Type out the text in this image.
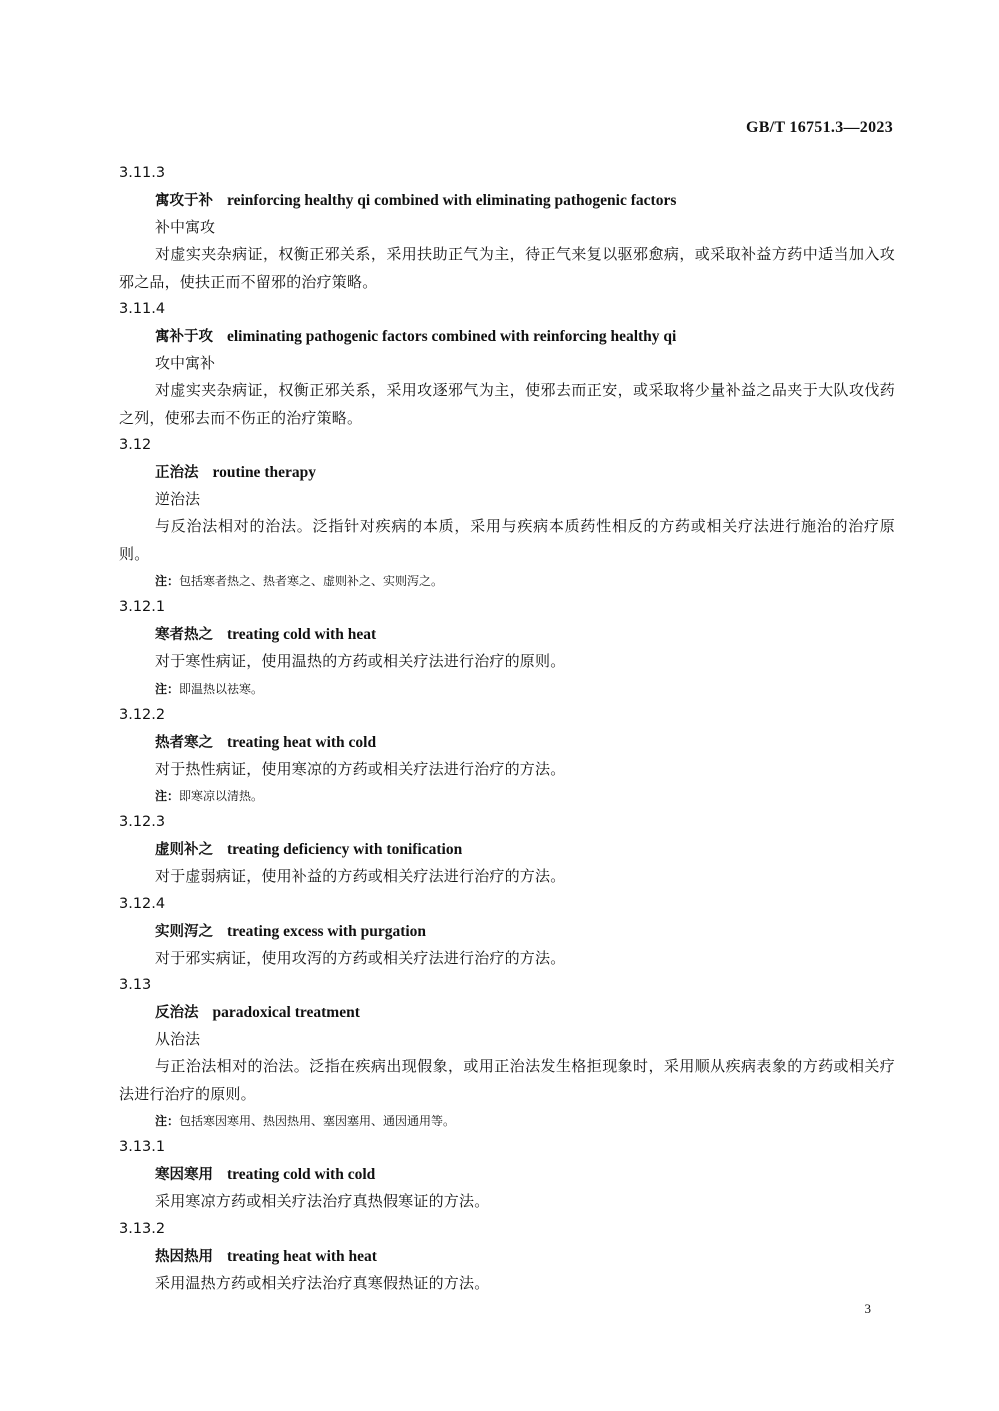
GB/T 16751.3—2023
3.11.3
寓攻于补 reinforcing healthy qi combined with eliminating pathogenic factors
补中寓攻
对虚实夹杂病证，权衡正邪关系，采用扶助正气为主，待正气来复以驱邪愈病，或采取补益方药中适当加入攻邪之品，使扶正而不留邪的治疗策略。
3.11.4
寓补于攻 eliminating pathogenic factors combined with reinforcing healthy qi
攻中寓补
对虚实夹杂病证，权衡正邪关系，采用攻逐邪气为主，使邪去而正安，或采取将少量补益之品夹于大队攻伐药之列，使邪去而不伤正的治疗策略。
3.12
正治法 routine therapy
逆治法
与反治法相对的治法。泛指针对疾病的本质，采用与疾病本质药性相反的方药或相关疗法进行施治的治疗原则。
注：包括寒者热之、热者寒之、虚则补之、实则泻之。
3.12.1
寒者热之 treating cold with heat
对于寒性病证，使用温热的方药或相关疗法进行治疗的原则。
注：即温热以祛寒。
3.12.2
热者寒之 treating heat with cold
对于热性病证，使用寒凉的方药或相关疗法进行治疗的方法。
注：即寒凉以清热。
3.12.3
虚则补之 treating deficiency with tonification
对于虚弱病证，使用补益的方药或相关疗法进行治疗的方法。
3.12.4
实则泻之 treating excess with purgation
对于邪实病证，使用攻泻的方药或相关疗法进行治疗的方法。
3.13
反治法 paradoxical treatment
从治法
与正治法相对的治法。泛指在疾病出现假象，或用正治法发生格拒现象时，采用顺从疾病表象的方药或相关疗法进行治疗的原则。
注：包括寒因寒用、热因热用、塞因塞用、通因通用等。
3.13.1
寒因寒用 treating cold with cold
采用寒凉方药或相关疗法治疗真热假寒证的方法。
3.13.2
热因热用 treating heat with heat
采用温热方药或相关疗法治疗真寒假热证的方法。
3
